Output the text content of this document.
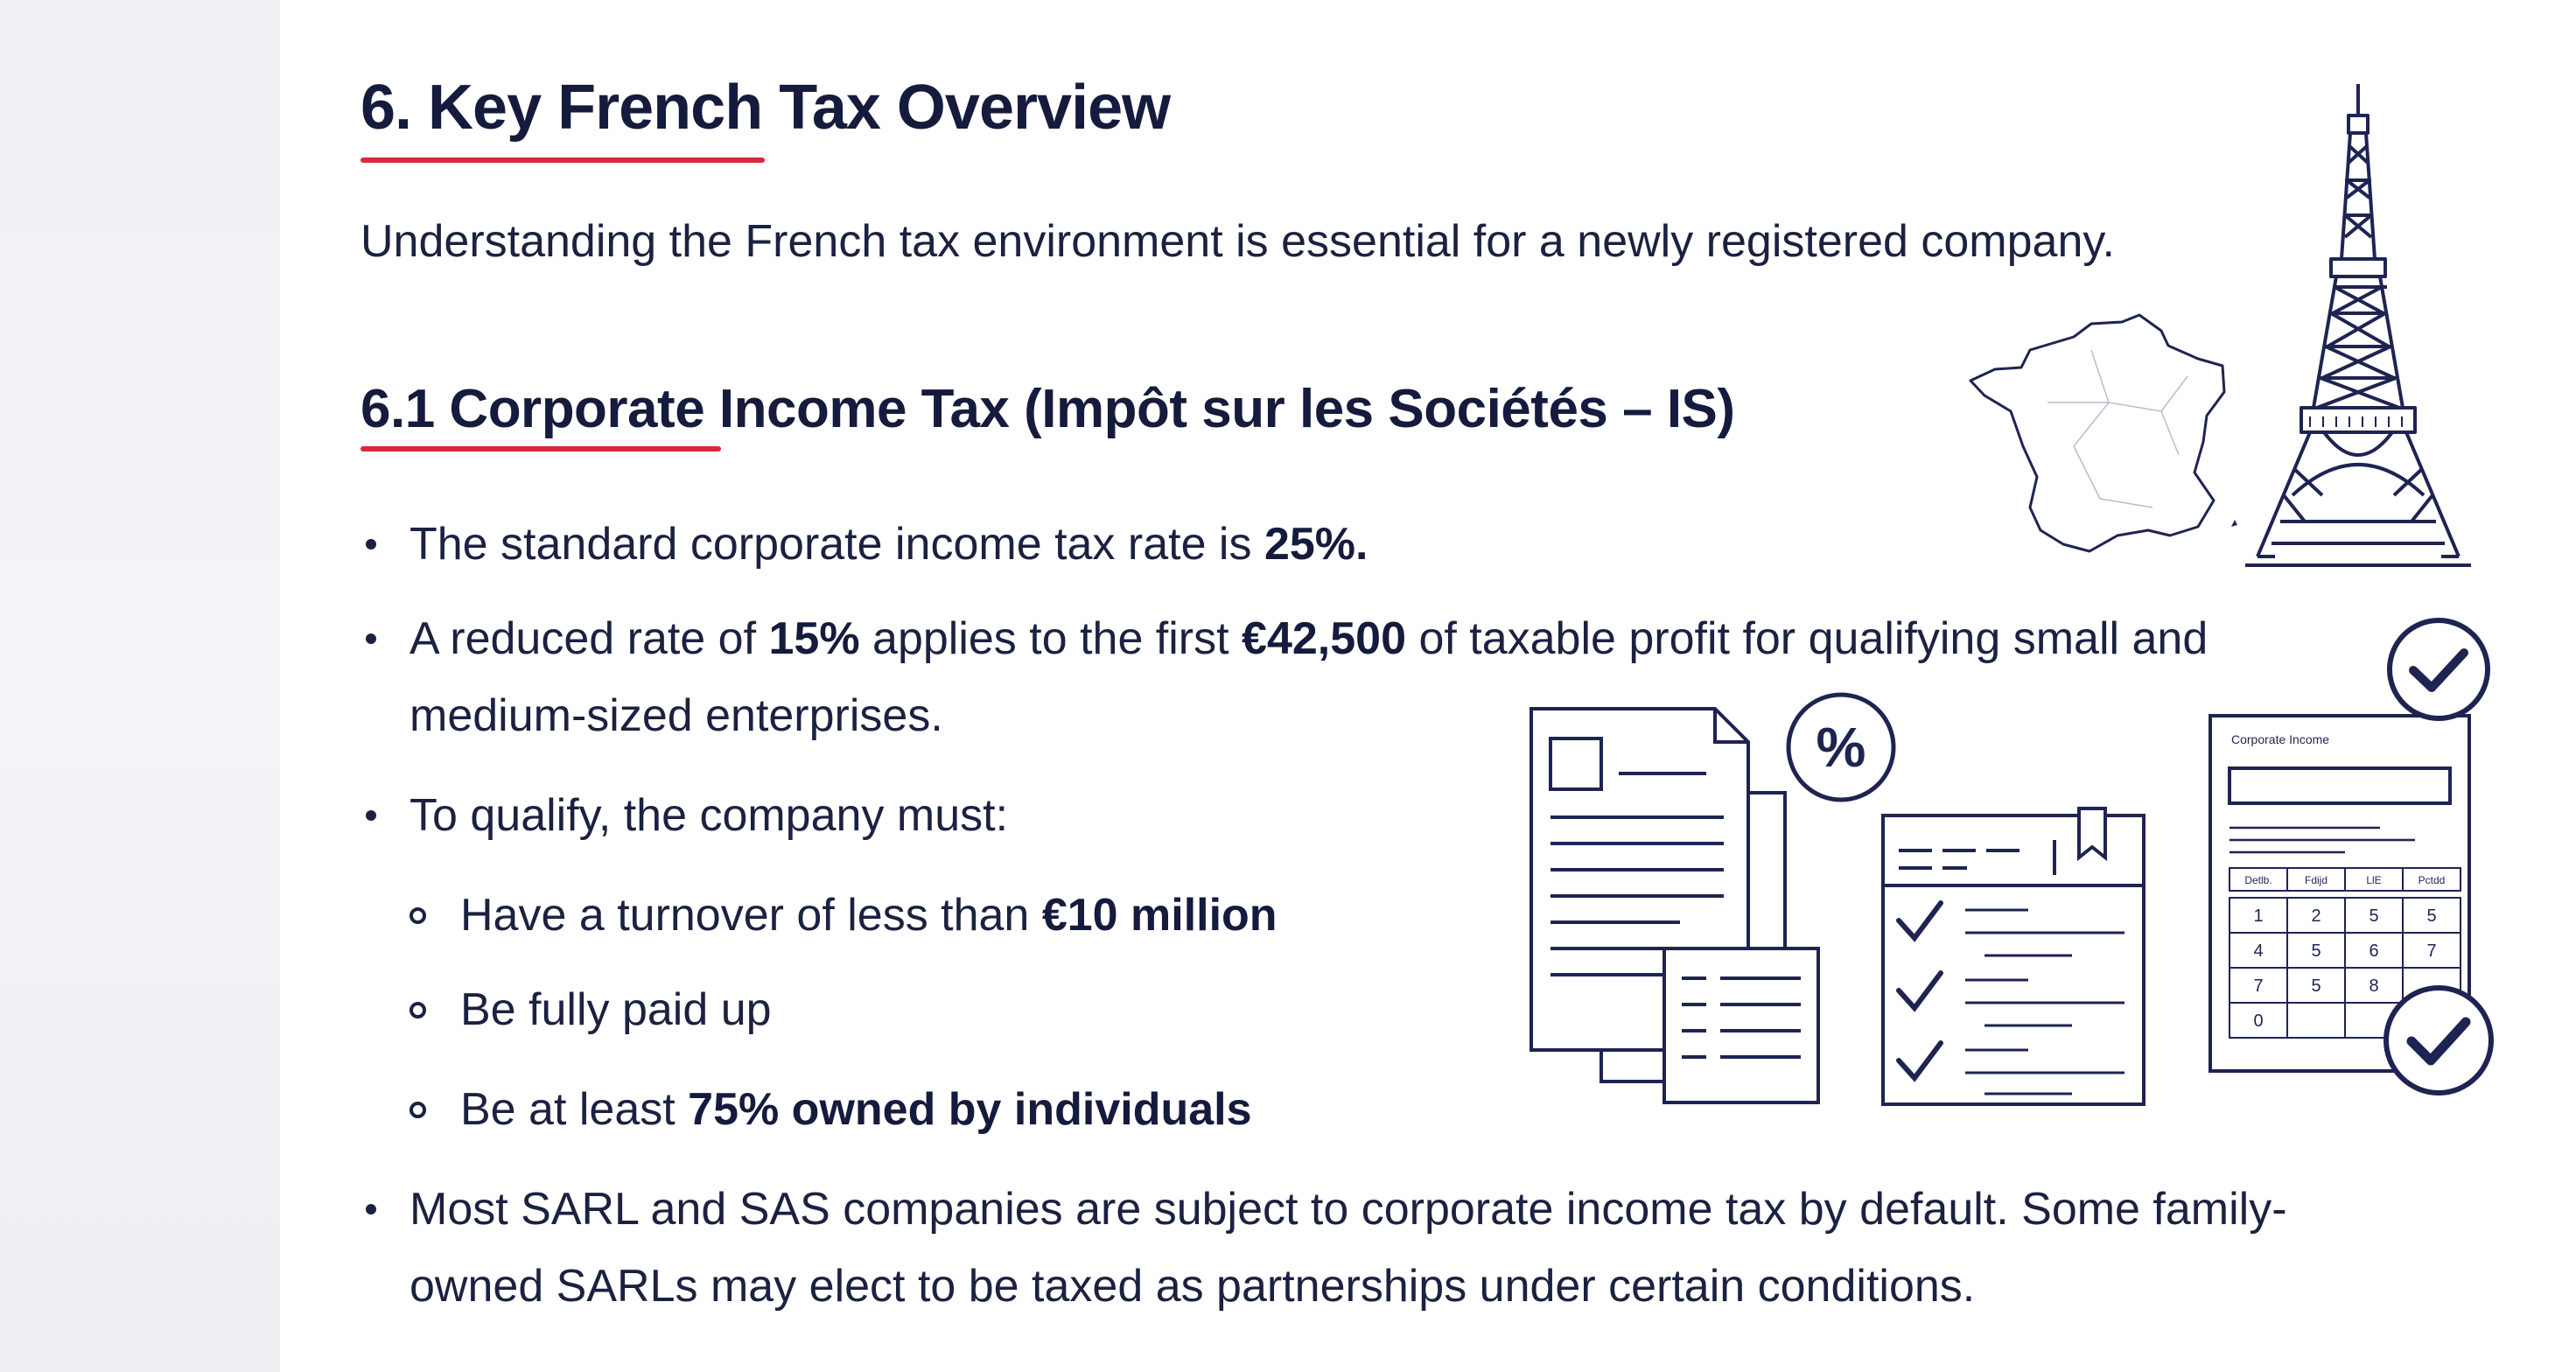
6. Key French Tax Overview

Understanding the French tax environment is essential for a newly registered company.

6.1 Corporate Income Tax (Impôt sur les Sociétés – IS)
The standard corporate income tax rate is 25%.
A reduced rate of 15% applies to the first €42,500 of taxable profit for qualifying small and
medium-sized enterprises.
To qualify, the company must:
Have a turnover of less than €10 million
Be fully paid up
Be at least 75% owned by individuals
Most SARL and SAS companies are subject to corporate income tax by default. Some family-
owned SARLs may elect to be taxed as partnerships under certain conditions.
%	Corporate Income
Detlb.	Fdijd	LlE	Pctdd
1	2	5	5
4	5	6	7
7	5	8
0
